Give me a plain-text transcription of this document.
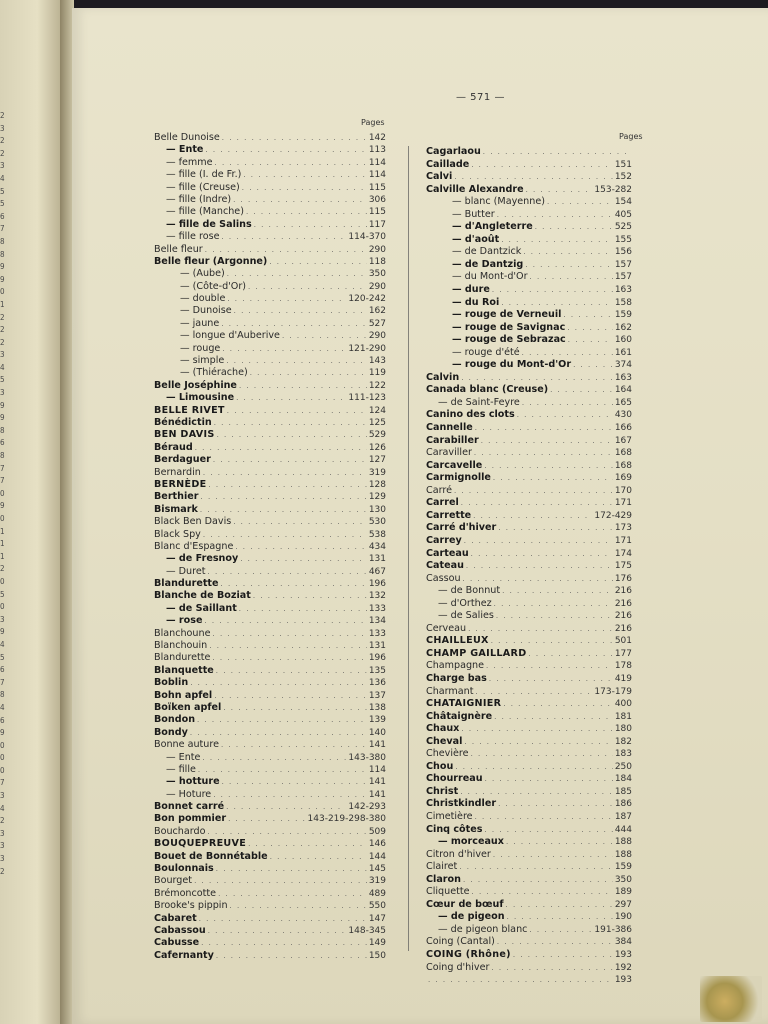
2
3
2
2
3
4
5
5
6
7
8
8
9
9
0
1
2
2
2
3
4
5
3
9
9
8
6
8
7
7
0
9
0
1
1
1
2
0
5
0
3
9
4
5
6
7
8
4
6
9
0
0
0
7
3
4
2
3
3
3
2
— 571 —
Pages
Pages
Belle Dunoise . . .	142
— Ente . . .	113
— femme . . .	114
— fille (I. de Fr.) . . .	114
— fille (Creuse) . . .	115
— fille (Indre) . . .	306
— fille (Manche) . . .	115
— fille de Salins . . .	117
— fille rose . . .	114-370
Belle fleur . . .	290
Belle fleur (Argonne) . . .	118
— (Aube) . . .	350
— (Côte-d'Or) . . .	290
— double . . .	120-242
— Dunoise . . .	162
— jaune . . .	527
— longue d'Auberive . . .	290
— rouge . . .	121-290
— simple . . .	143
— (Thiérache) . . .	119
Belle Joséphine . . .	122
— Limousine . . .	111-123
BELLE RIVET . . .	124
Bénédictin . . .	125
BEN DAVIS . . .	529
Béraud . . .	126
Berdaguer . . .	127
Bernardin . . .	319
BERNÈDE . . .	128
Berthier . . .	129
Bismark . . .	130
Black Ben Davis . . .	530
Black Spy . . .	538
Blanc d'Espagne . . .	434
— de Fresnoy . . .	131
— Duret . . .	467
Blandurette . . .	196
Blanche de Boziat . . .	132
— de Saillant . . .	133
— rose . . .	134
Blanchoune . . .	133
Blanchouin . . .	131
Blandurette . . .	196
Blanquette . . .	135
Boblin . . .	136
Bohn apfel . . .	137
Boïken apfel . . .	138
Bondon . . .	139
Bondy . . .	140
Bonne auture . . .	141
— Ente . . .	143-380
— fille . . .	114
— hotture . . .	141
— Hoture . . .	141
Bonnet carré . . .	142-293
Bon pommier . . .	143-219-298-380
Bouchardo . . .	509
BOUQUEPREUVE . . .	146
Bouet de Bonnétable . . .	144
Boulonnais . . .	145
Bourget . . .	319
Brémoncotte . . .	489
Brooke's pippin . . .	550
Cabaret . . .	147
Cabassou . . .	148-345
Cabusse . . .	149
Cafernanty . . .	150
Cagarlaou
. . .
Caillade . . .	151
Calvi . . .	152
Calville Alexandre . . .	153-282
— blanc (Mayenne) . . .	154
— Butter . . .	405
— d'Angleterre . . .	525
— d'août . . .	155
— de Dantzick . . .	156
— de Dantzig . . .	157
— du Mont-d'Or . . .	157
— dure . . .	163
— du Roi . . .	158
— rouge de Verneuil . . .	159
— rouge de Savignac . . .	162
— rouge de Sebrazac . . .	160
— rouge d'été . . .	161
— rouge du Mont-d'Or . . .	374
Calvin . . .	163
Canada blanc (Creuse) . . .	164
— de Saint-Feyre . . .	165
Canino des clots . . .	430
Cannelle . . .	166
Carabiller . . .	167
Caraviller . . .	168
Carcavelle . . .	168
Carmignolle . . .	169
Carré . . .	170
Carrel . . .	171
Carrette . . .	172-429
Carré d'hiver . . .	173
Carrey . . .	171
Carteau . . .	174
Cateau . . .	175
Cassou . . .	176
— de Bonnut . . .	216
— d'Orthez . . .	216
— de Salies . . .	216
Cerveau . . .	216
CHAILLEUX . . .	501
CHAMP GAILLARD . . .	177
Champagne . . .	178
Charge bas . . .	419
Charmant . . .	173-179
CHATAIGNIER . . .	400
Châtaignère . . .	181
Chaux . . .	180
Cheval . . .	182
Chevière . . .	183
Chou . . .	250
Chourreau . . .	184
Christ . . .	185
Christkindler . . .	186
Cimetière . . .	187
Cinq côtes . . .	444
— morceaux . . .	188
Citron d'hiver . . .	188
Clairet . . .	159
Claron . . .	350
Cliquette . . .	189
Cœur de bœuf . . .	297
— de pigeon . . .	190
— de pigeon blanc . . .	191-386
Coing (Cantal) . . .	384
COING (Rhône) . . .	193
Coing d'hiver . . .	192
. . .
193
